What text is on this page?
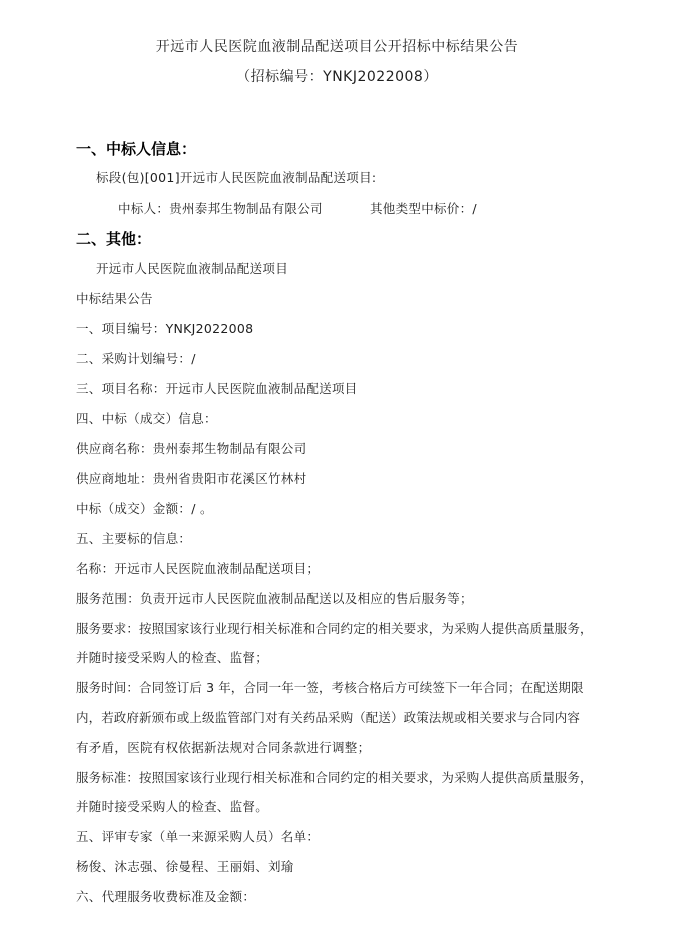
开远市人民医院血液制品配送项目公开招标中标结果公告
（招标编号：YNKJ2022008）
一、中标人信息：
标段(包)[001]开远市人民医院血液制品配送项目:
中标人：贵州泰邦生物制品有限公司	其他类型中标价：/
二、其他：
开远市人民医院血液制品配送项目
中标结果公告
一、项目编号：YNKJ2022008
二、采购计划编号：/
三、项目名称：开远市人民医院血液制品配送项目
四、中标（成交）信息：
供应商名称：贵州泰邦生物制品有限公司
供应商地址：贵州省贵阳市花溪区竹林村
中标（成交）金额：/ 。
五、主要标的信息：
名称：开远市人民医院血液制品配送项目；
服务范围：负责开远市人民医院血液制品配送以及相应的售后服务等；
服务要求：按照国家该行业现行相关标准和合同约定的相关要求，为采购人提供高质量服务，
并随时接受采购人的检查、监督；
服务时间：合同签订后 3 年，合同一年一签，考核合格后方可续签下一年合同；在配送期限
内，若政府新颁布或上级监管部门对有关药品采购（配送）政策法规或相关要求与合同内容
有矛盾，医院有权依据新法规对合同条款进行调整；
服务标准：按照国家该行业现行相关标准和合同约定的相关要求，为采购人提供高质量服务，
并随时接受采购人的检查、监督。
五、评审专家（单一来源采购人员）名单：
杨俊、沐志强、徐曼程、王丽娟、刘瑜
六、代理服务收费标准及金额：
